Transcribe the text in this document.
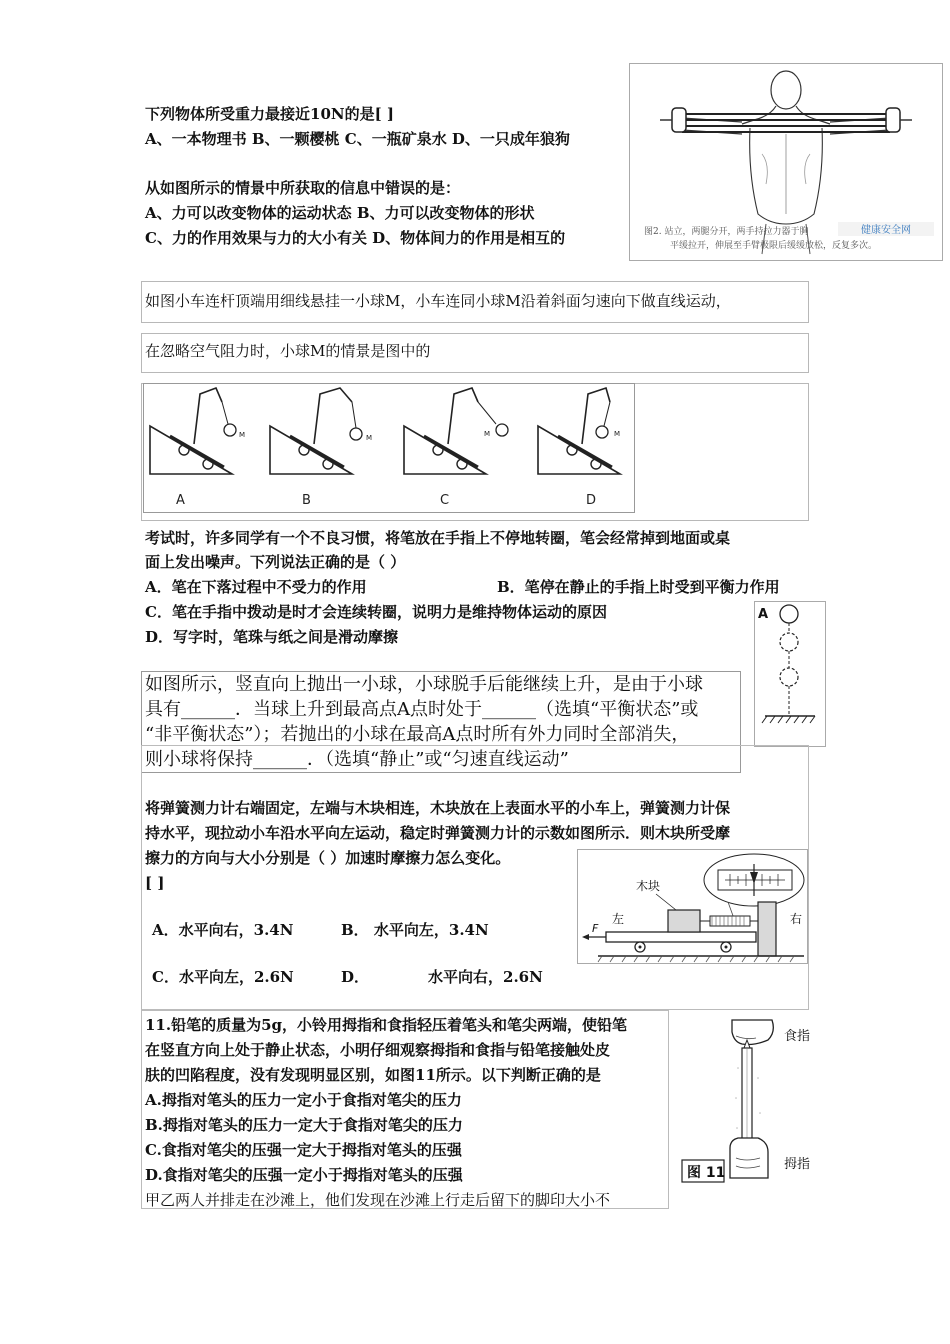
下列物体所受重力最接近10N的是[ ]
A、一本物理书 B、一颗樱桃 C、一瓶矿泉水 D、一只成年狼狗
从如图所示的情景中所获取的信息中错误的是：
A、力可以改变物体的运动状态 B、力可以改变物体的形状
C、力的作用效果与力的大小有关 D、物体间力的作用是相互的	健康安全网
图2. 站立，两腿分开，两手持拉力器于胸
平缓拉开，伸展至手臂极限后缓缓放松，反复多次。
如图小车连杆顶端用细线悬挂一小球M，小车连同小球M沿着斜面匀速向下做直线运动，
在忽略空气阻力时，小球M的情景是图中的
M
A
M
B
M
C
M
D
考试时，许多同学有一个不良习惯，将笔放在手指上不停地转圈，笔会经常掉到地面或桌
面上发出噪声。下列说法正确的是（ ）
A．笔在下落过程中不受力的作用	B．笔停在静止的手指上时受到平衡力作用
C．笔在手指中拨动是时才会连续转圈，说明力是维持物体运动的原因
D．写字时，笔珠与纸之间是滑动摩擦
A
如图所示，竖直向上抛出一小球，小球脱手后能继续上升，是由于小球
具有______．当球上升到最高点A点时处于______（选填“平衡状态”或
“非平衡状态”）；若抛出的小球在最高A点时所有外力同时全部消失，
则小球将保持______．（选填“静止”或“匀速直线运动”
将弹簧测力计右端固定，左端与木块相连，木块放在上表面水平的小车上，弹簧测力计保
持水平，现拉动小车沿水平向左运动，稳定时弹簧测力计的示数如图所示．则木块所受摩
擦力的方向与大小分别是（ ）加速时摩擦力怎么变化。
[ ]
A．水平向右，3.4N	B． 水平向左，3.4N
C．水平向左，2.6N	D．	水平向右，2.6N
木块
左	右
F
11.铅笔的质量为5g，小铃用拇指和食指轻压着笔头和笔尖两端，使铅笔
在竖直方向上处于静止状态，小明仔细观察拇指和食指与铅笔接触处皮
肤的凹陷程度，没有发现明显区别，如图11所示。以下判断正确的是
A.拇指对笔头的压力一定小于食指对笔尖的压力
B.拇指对笔头的压力一定大于食指对笔尖的压力
C.食指对笔尖的压强一定大于拇指对笔头的压强
D.食指对笔尖的压强一定小于拇指对笔头的压强
甲乙两人并排走在沙滩上，他们发现在沙滩上行走后留下的脚印大小不
食指
拇指
图 11
